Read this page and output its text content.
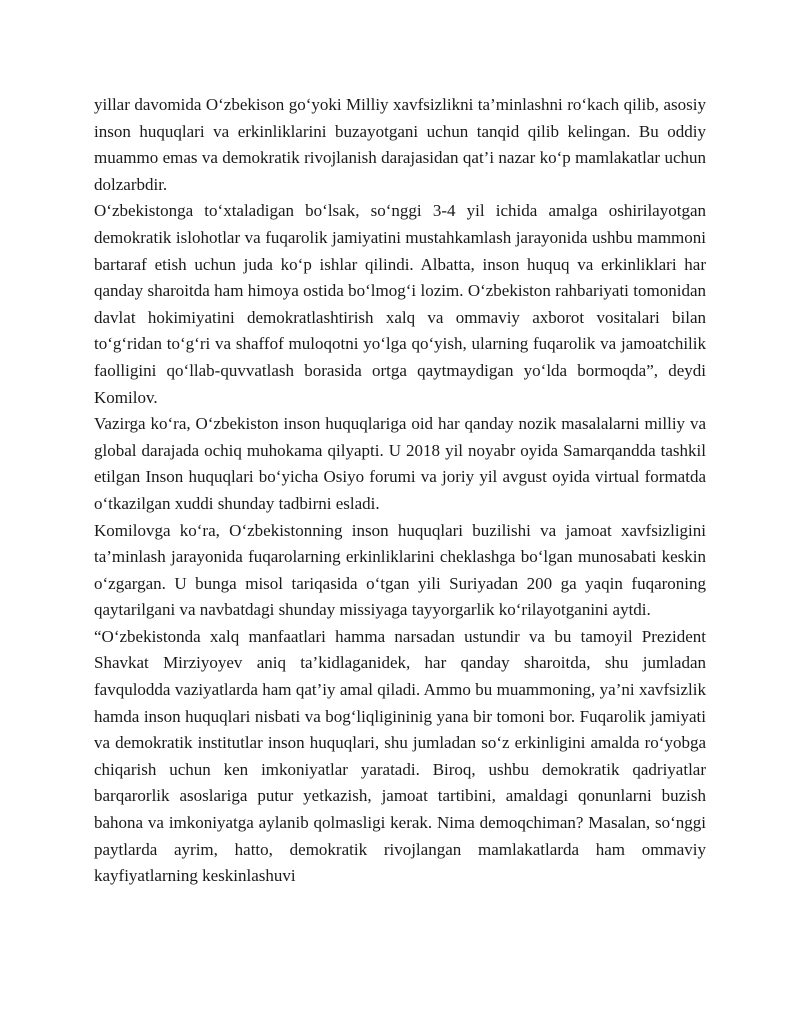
yillar davomida O‘zbekison go‘yoki Milliy xavfsizlikni ta’minlashni ro‘kach qilib, asosiy inson huquqlari va erkinliklarini buzayotgani uchun tanqid qilib kelingan. Bu oddiy muammo emas va demokratik rivojlanish darajasidan qat’i nazar ko‘p mamlakatlar uchun dolzarbdir.

O‘zbekistonga to‘xtaladigan bo‘lsak, so‘nggi 3-4 yil ichida amalga oshirilayotgan demokratik islohotlar va fuqarolik jamiyatini mustahkamlash jarayonida ushbu mammoni bartaraf etish uchun juda ko‘p ishlar qilindi. Albatta, inson huquq va erkinliklari har qanday sharoitda ham himoya ostida bo‘lmog‘i lozim. O‘zbekiston rahbariyati tomonidan davlat hokimiyatini demokratlashtirish xalq va ommaviy axborot vositalari bilan to‘g‘ridan to‘g‘ri va shaffof muloqotni yo‘lga qo‘yish, ularning fuqarolik va jamoatchilik faolligini qo‘llab-quvvatlash borasida ortga qaytmaydigan yo‘lda bormoqda”, deydi Komilov.

Vazirga ko‘ra, O‘zbekiston inson huquqlariga oid har qanday nozik masalalarni milliy va global darajada ochiq muhokama qilyapti. U 2018 yil noyabr oyida Samarqandda tashkil etilgan Inson huquqlari bo‘yicha Osiyo forumi va joriy yil avgust oyida virtual formatda o‘tkazilgan xuddi shunday tadbirni esladi.

Komilovga ko‘ra, O‘zbekistonning inson huquqlari buzilishi va jamoat xavfsizligini ta’minlash jarayonida fuqarolarning erkinliklarini cheklashga bo‘lgan munosabati keskin o‘zgargan. U bunga misol tariqasida o‘tgan yili Suriyadan 200 ga yaqin fuqaroning qaytarilgani va navbatdagi shunday missiyaga tayyorgarlik ko‘rilayotganini aytdi.

“O‘zbekistonda xalq manfaatlari hamma narsadan ustundir va bu tamoyil Prezident Shavkat Mirziyoyev aniq ta’kidlaganidek, har qanday sharoitda, shu jumladan favqulodda vaziyatlarda ham qat’iy amal qiladi. Ammo bu muammoning, ya’ni xavfsizlik hamda inson huquqlari nisbati va bog‘liqligininig yana bir tomoni bor. Fuqarolik jamiyati va demokratik institutlar inson huquqlari, shu jumladan so‘z erkinligini amalda ro‘yobga chiqarish uchun ken imkoniyatlar yaratadi. Biroq, ushbu demokratik qadriyatlar barqarorlik asoslariga putur yetkazish, jamoat tartibini, amaldagi qonunlarni buzish bahona va imkoniyatga aylanib qolmasligi kerak. Nima demoqchiman? Masalan, so‘nggi paytlarda ayrim, hatto, demokratik rivojlangan mamlakatlarda ham ommaviy kayfiyatlarning keskinlashuvi
